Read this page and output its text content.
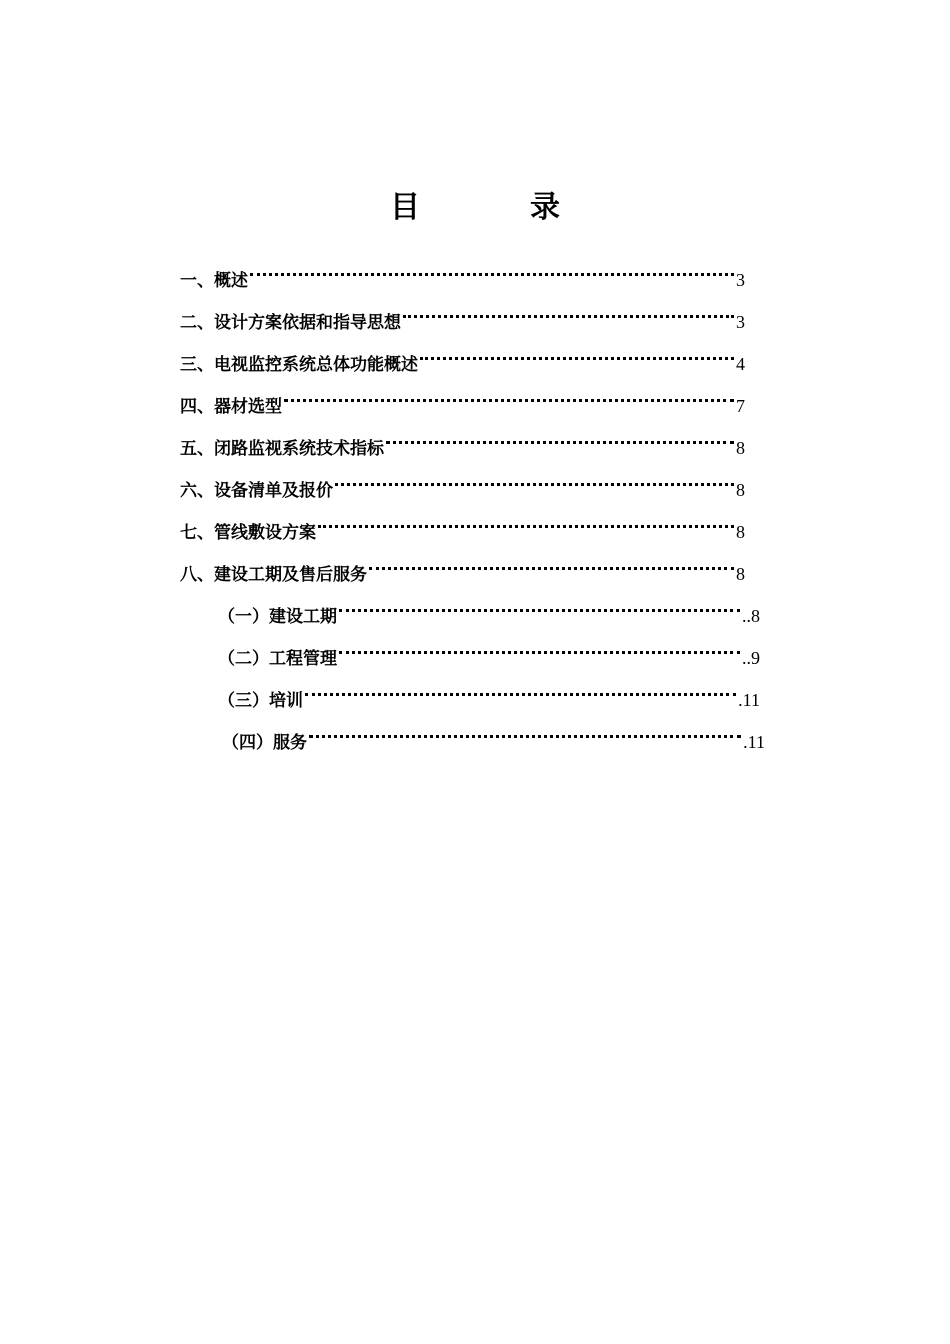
目　录
一、概述	3
二、设计方案依据和指导思想	3
三、电视监控系统总体功能概述	4
四、器材选型	7
五、闭路监视系统技术指标	8
六、设备清单及报价	8
七、管线敷设方案	8
八、建设工期及售后服务	8
（一）建设工期	..8
（二）工程管理	..9
（三）培训	.11
（四）服务	.11
